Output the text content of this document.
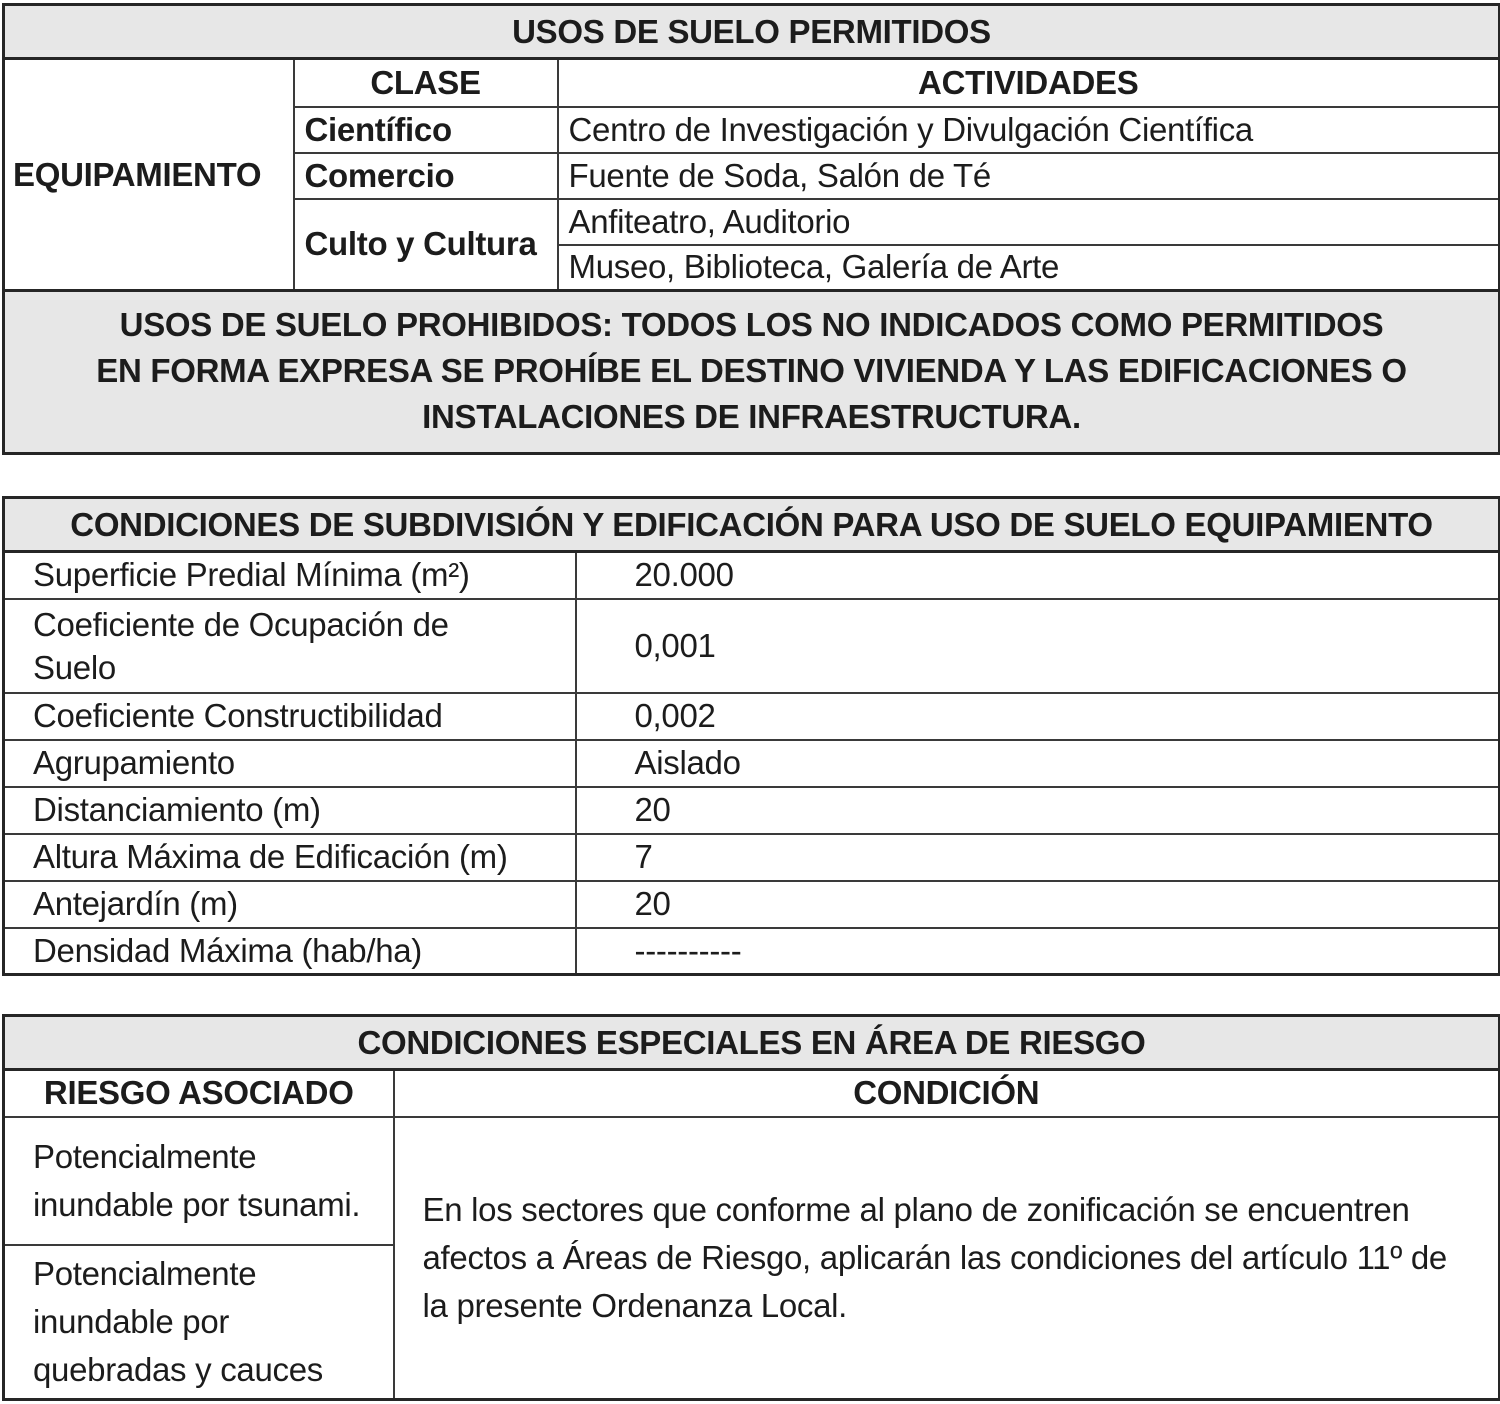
USOS DE SUELO PERMITIDOS		
EQUIPAMIENTO	CLASE	ACTIVIDADES
	Científico	Centro de Investigación y Divulgación Científica
	Comercio	Fuente de Soda, Salón de Té
	Culto y Cultura	Anfiteatro, Auditorio
		Museo, Biblioteca, Galería de Arte

USOS DE SUELO PROHIBIDOS: TODOS LOS NO INDICADOS COMO PERMITIDOS
EN FORMA EXPRESA SE PROHÍBE EL DESTINO VIVIENDA Y LAS EDIFICACIONES O
INSTALACIONES DE INFRAESTRUCTURA.		
CONDICIONES DE SUBDIVISIÓN Y EDIFICACIÓN PARA USO DE SUELO EQUIPAMIENTO	
Superficie Predial Mínima (m²)	20.000
Coeficiente de Ocupación de Suelo	0,001
Coeficiente Constructibilidad	0,002
Agrupamiento	Aislado
Distanciamiento (m)	20
Altura Máxima de Edificación (m)	7
Antejardín (m)	20
Densidad Máxima (hab/ha)	----------
CONDICIONES ESPECIALES EN ÁREA DE RIESGO	
RIESGO ASOCIADO	CONDICIÓN
Potencialmente inundable por tsunami.	En los sectores que conforme al plano de zonificación se encuentren afectos a Áreas de Riesgo, aplicarán las condiciones del artículo 11º de la presente Ordenanza Local.
Potencialmente inundable por quebradas y cauces	
